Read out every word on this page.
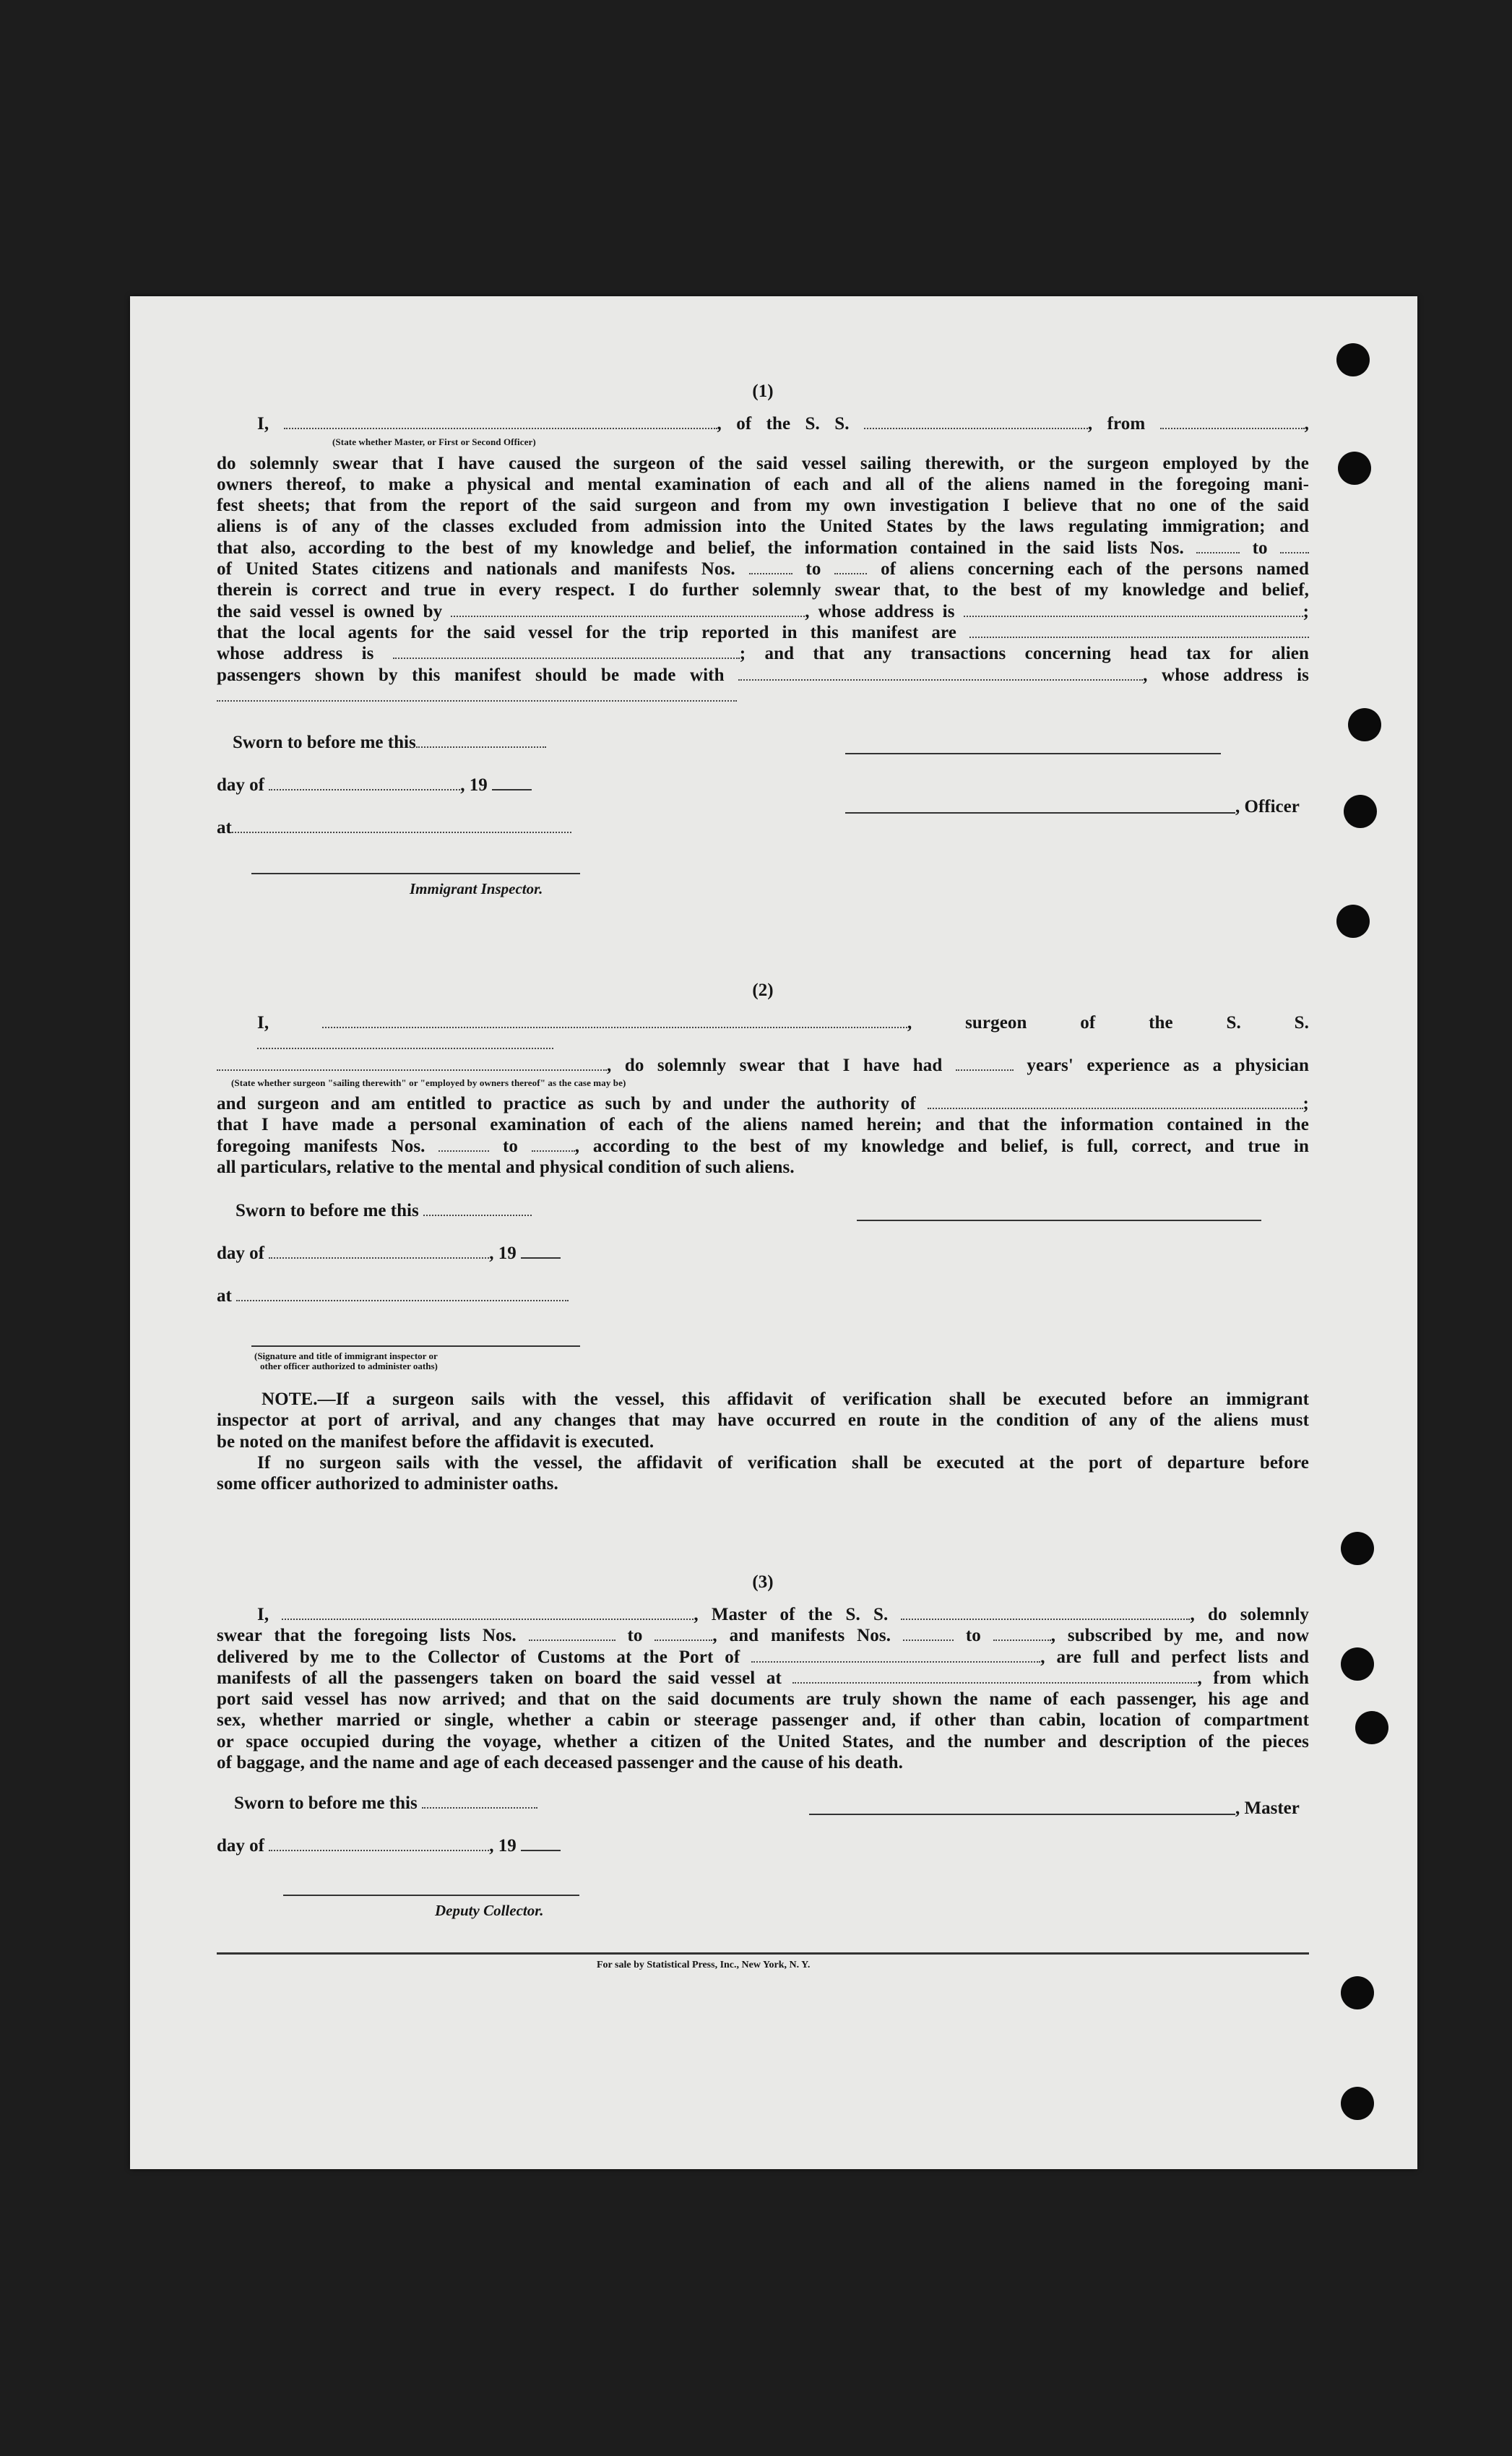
(1)
I,	, of the S. S.	, from	,
(State whether Master, or First or Second Officer)
do solemnly swear that I have caused the surgeon of the said vessel sailing therewith, or the surgeon employed by the
owners thereof, to make a physical and mental examination of each and all of the aliens named in the foregoing mani-
fest sheets; that from the report of the said surgeon and from my own investigation I believe that no one of the said
aliens is of any of the classes excluded from admission into the United States by the laws regulating immigration; and
that also, according to the best of my knowledge and belief, the information contained in the said lists Nos.	to
of United States citizens and nationals and manifests Nos.	to	of aliens concerning each of the persons named
therein is correct and true in every respect. I do further solemnly swear that, to the best of my knowledge and belief,
the said vessel is owned by	, whose address is	;
that the local agents for the said vessel for the trip reported in this manifest are
whose address is	; and that any transactions concerning head tax for alien
passengers shown by this manifest should be made with	, whose address is
Sworn to before me this
day of	, 19
at
Immigrant Inspector.
, Officer
(2)
I,	, surgeon of the S. S.
, do solemnly swear that I have had	years' experience as a physician
(State whether surgeon "sailing therewith" or "employed by owners thereof" as the case may be)
and surgeon and am entitled to practice as such by and under the authority of	;
that I have made a personal examination of each of the aliens named herein; and that the information contained in the
foregoing manifests Nos.	to	, according to the best of my knowledge and belief, is full, correct, and true in
all particulars, relative to the mental and physical condition of such aliens.
Sworn to before me this
day of	, 19
at
(Signature and title of immigrant inspector or
other officer authorized to administer oaths)
NOTE.—If a surgeon sails with the vessel, this affidavit of verification shall be executed before an immigrant
inspector at port of arrival, and any changes that may have occurred en route in the condition of any of the aliens must
be noted on the manifest before the affidavit is executed.
If no surgeon sails with the vessel, the affidavit of verification shall be executed at the port of departure before
some officer authorized to administer oaths.
(3)
I,	, Master of the S. S.	, do solemnly
swear that the foregoing lists Nos.	to	, and manifests Nos.	to	, subscribed by me, and now
delivered by me to the Collector of Customs at the Port of	, are full and perfect lists and
manifests of all the passengers taken on board the said vessel at	, from which
port said vessel has now arrived; and that on the said documents are truly shown the name of each passenger, his age and
sex, whether married or single, whether a cabin or steerage passenger and, if other than cabin, location of compartment
or space occupied during the voyage, whether a citizen of the United States, and the number and description of the pieces
of baggage, and the name and age of each deceased passenger and the cause of his death.
Sworn to before me this
day of	, 19
, Master
Deputy Collector.
For sale by Statistical Press, Inc., New York, N. Y.
